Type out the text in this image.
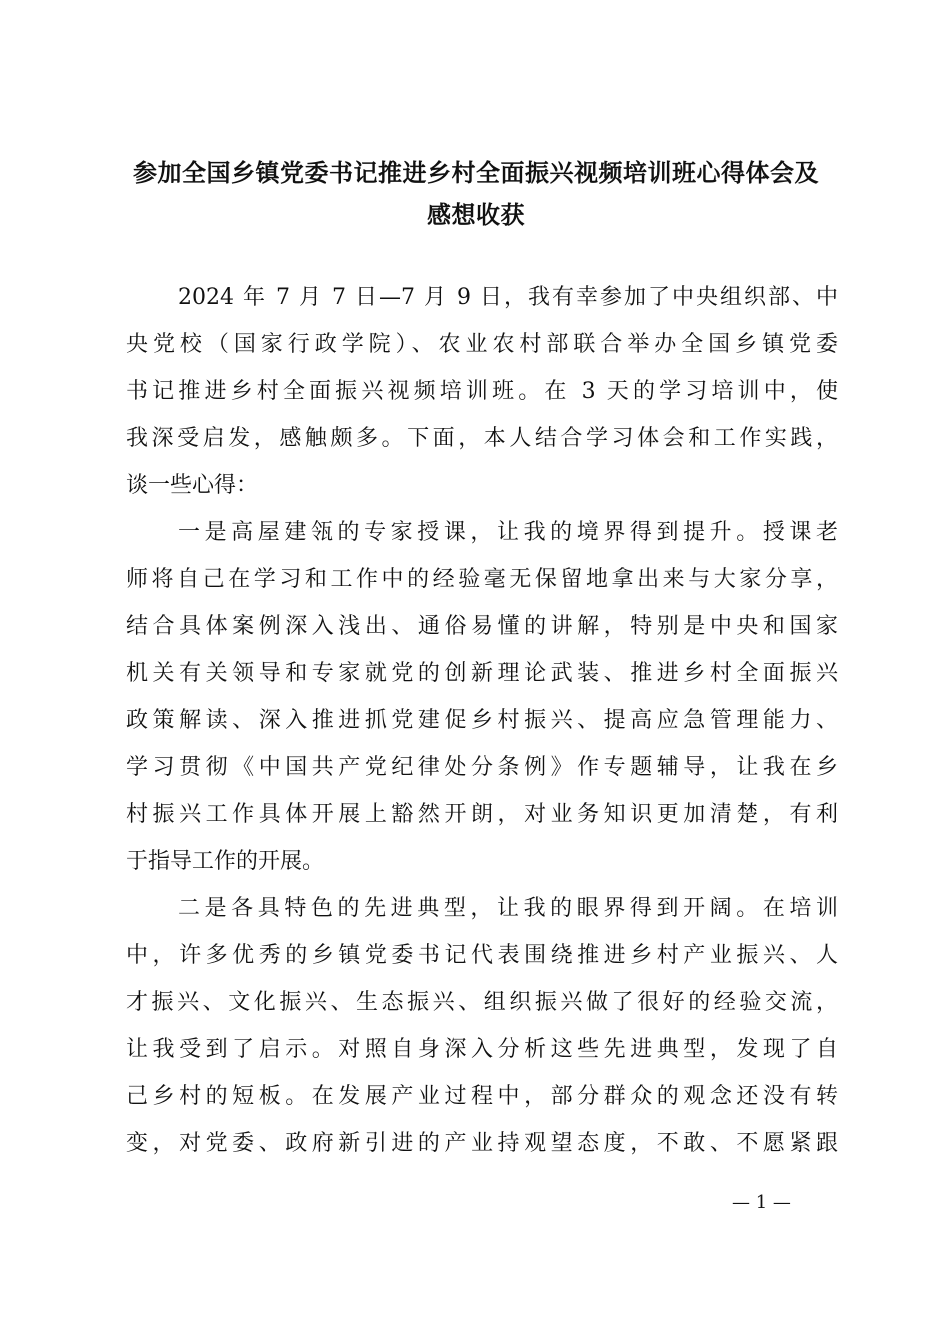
参加全国乡镇党委书记推进乡村全面振兴视频培训班心得体会及
感想收获
2024 年 7 月 7 日—7 月 9 日，我有幸参加了中央组织部、中
央党校（国家行政学院）、农业农村部联合举办全国乡镇党委
书记推进乡村全面振兴视频培训班。在 3 天的学习培训中，使
我深受启发，感触颇多。下面，本人结合学习体会和工作实践，
谈一些心得：
一是高屋建瓴的专家授课，让我的境界得到提升。授课老
师将自己在学习和工作中的经验毫无保留地拿出来与大家分享，
结合具体案例深入浅出、通俗易懂的讲解，特别是中央和国家
机关有关领导和专家就党的创新理论武装、推进乡村全面振兴
政策解读、深入推进抓党建促乡村振兴、提高应急管理能力、
学习贯彻《中国共产党纪律处分条例》作专题辅导，让我在乡
村振兴工作具体开展上豁然开朗，对业务知识更加清楚，有利
于指导工作的开展。
二是各具特色的先进典型，让我的眼界得到开阔。在培训
中，许多优秀的乡镇党委书记代表围绕推进乡村产业振兴、人
才振兴、文化振兴、生态振兴、组织振兴做了很好的经验交流，
让我受到了启示。对照自身深入分析这些先进典型，发现了自
己乡村的短板。在发展产业过程中，部分群众的观念还没有转
变，对党委、政府新引进的产业持观望态度，不敢、不愿紧跟
— 1 —
